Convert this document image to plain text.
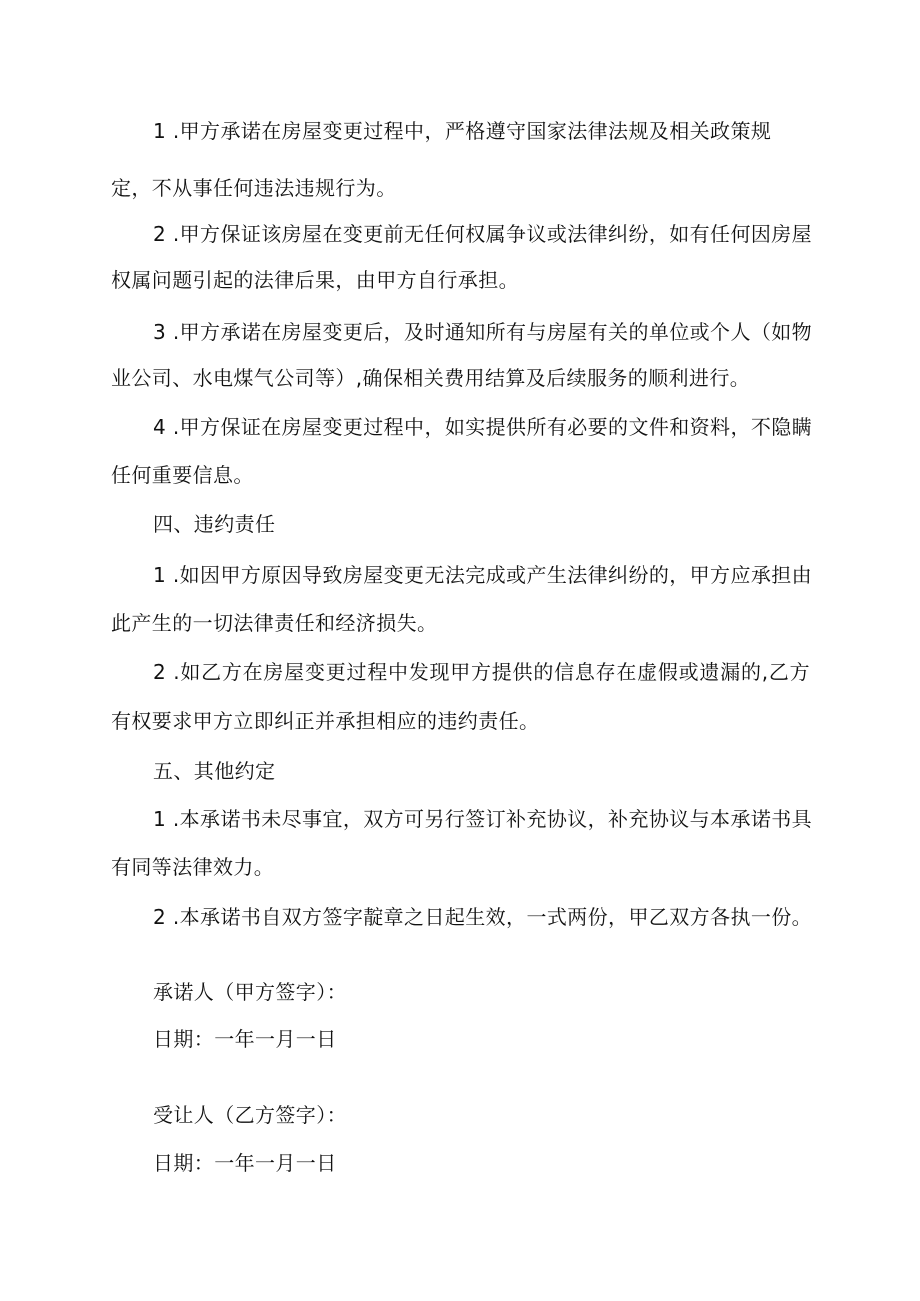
1 .甲方承诺在房屋变更过程中，严格遵守国家法律法规及相关政策规
定，不从事任何违法违规行为。
2 .甲方保证该房屋在变更前无任何权属争议或法律纠纷，如有任何因房屋
权属问题引起的法律后果，由甲方自行承担。
3 .甲方承诺在房屋变更后，及时通知所有与房屋有关的单位或个人（如物
业公司、水电煤气公司等）,确保相关费用结算及后续服务的顺利进行。
4 .甲方保证在房屋变更过程中，如实提供所有必要的文件和资料，不隐瞒
任何重要信息。
四、违约责任
1 .如因甲方原因导致房屋变更无法完成或产生法律纠纷的，甲方应承担由
此产生的一切法律责任和经济损失。
2 .如乙方在房屋变更过程中发现甲方提供的信息存在虚假或遗漏的,乙方
有权要求甲方立即纠正并承担相应的违约责任。
五、其他约定
1 .本承诺书未尽事宜，双方可另行签订补充协议，补充协议与本承诺书具
有同等法律效力。
2 .本承诺书自双方签字靛章之日起生效，一式两份，甲乙双方各执一份。
承诺人（甲方签字）：
日期：一年一月一日
受让人（乙方签字）：
日期：一年一月一日
